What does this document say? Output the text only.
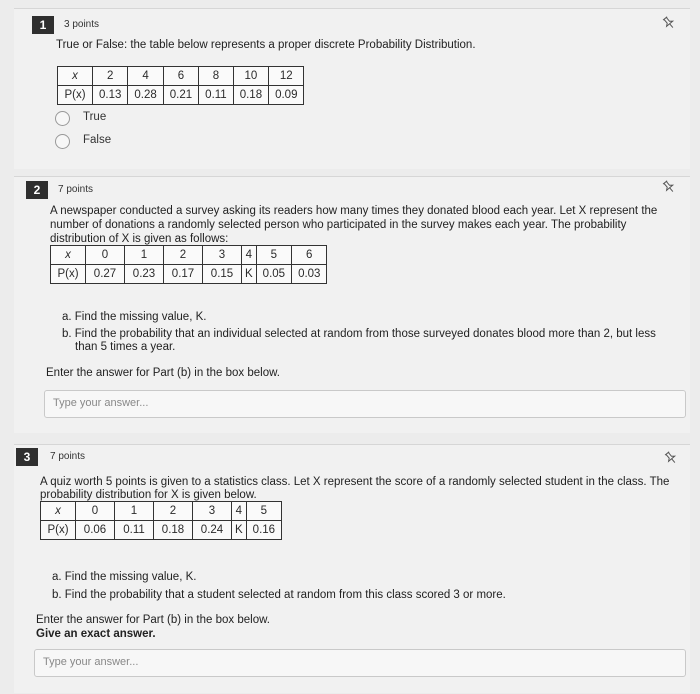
1	3 points
True or False: the table below represents a proper discrete Probability Distribution.
x	2	4	6	8	10	12
P(x)	0.13	0.28	0.21	0.11	0.18	0.09
True
False
2	7 points
A newspaper conducted a survey asking its readers how many times they donated blood each year. Let X represent the
number of donations a randomly selected person who participated in the survey makes each year. The probability
distribution of X is given as follows:
x	0	1	2	3	4	5	6
P(x)	0.27	0.23	0.17	0.15	K	0.05	0.03
a. Find the missing value, K.
b. Find the probability that an individual selected at random from those surveyed donates blood more than 2, but less
than 5 times a year.
Enter the answer for Part (b) in the box below.
Type your answer...
3	7 points
A quiz worth 5 points is given to a statistics class. Let X represent the score of a randomly selected student in the class. The
probability distribution for X is given below.
x	0	1	2	3	4	5
P(x)	0.06	0.11	0.18	0.24	K	0.16
a. Find the missing value, K.
b. Find the probability that a student selected at random from this class scored 3 or more.
Enter the answer for Part (b) in the box below.
Give an exact answer.
Type your answer...
